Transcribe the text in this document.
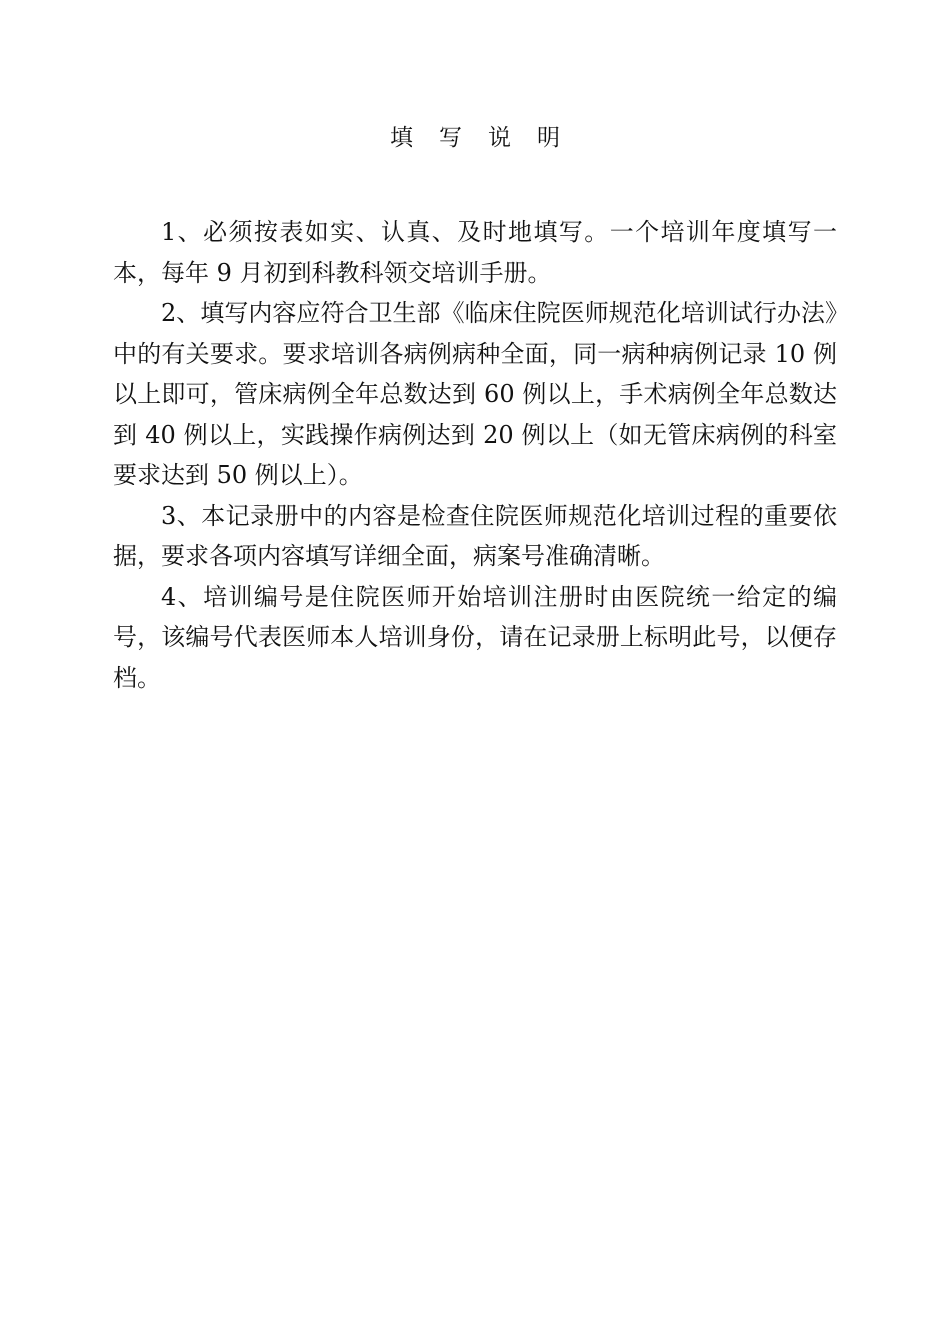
填写说明

1、必须按表如实、认真、及时地填写。一个培训年度填写一本，每年 9 月初到科教科领交培训手册。

2、填写内容应符合卫生部《临床住院医师规范化培训试行办法》中的有关要求。要求培训各病例病种全面，同一病种病例记录 10 例以上即可，管床病例全年总数达到 60 例以上，手术病例全年总数达到 40 例以上，实践操作病例达到 20 例以上（如无管床病例的科室要求达到 50 例以上）。

3、本记录册中的内容是检查住院医师规范化培训过程的重要依据，要求各项内容填写详细全面，病案号准确清晰。

4、培训编号是住院医师开始培训注册时由医院统一给定的编号，该编号代表医师本人培训身份，请在记录册上标明此号，以便存档。
